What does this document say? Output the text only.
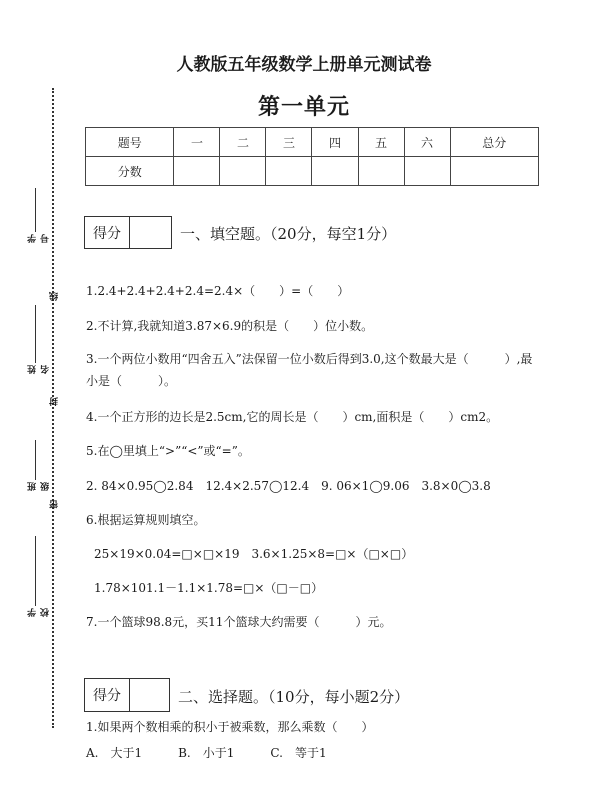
学号
姓名
班级
学校
线
封
密
人教版五年级数学上册单元测试卷
第一单元
题号	一	二	三	四	五	六	总分
分数							
得分	一、填空题。（20分，每空1分）
1.2.4+2.4+2.4+2.4=2.4×（　　）=（　　）
2.不计算,我就知道3.87×6.9的积是（　　）位小数。
3.一个两位小数用“四舍五入”法保留一位小数后得到3.0,这个数最大是（　　　）,最
小是（　　　）。
4.一个正方形的边长是2.5cm,它的周长是（　　）cm,面积是（　　）cm2。
5.在◯里填上“>”“<”或“=”。
2. 84×0.95◯2.84　12.4×2.57◯12.4　9. 06×1◯9.06　3.8×0◯3.8
6.根据运算规则填空。
25×19×0.04=□×□×19　3.6×1.25×8=□×（□×□）
1.78×101.1－1.1×1.78=□×（□－□）
7.一个篮球98.8元，买11个篮球大约需要（　　　）元。
得分	二、选择题。（10分，每小题2分）
1.如果两个数相乘的积小于被乘数，那么乘数（　　）
A.　大于1　　　B.　小于1　　　C.　等于1
